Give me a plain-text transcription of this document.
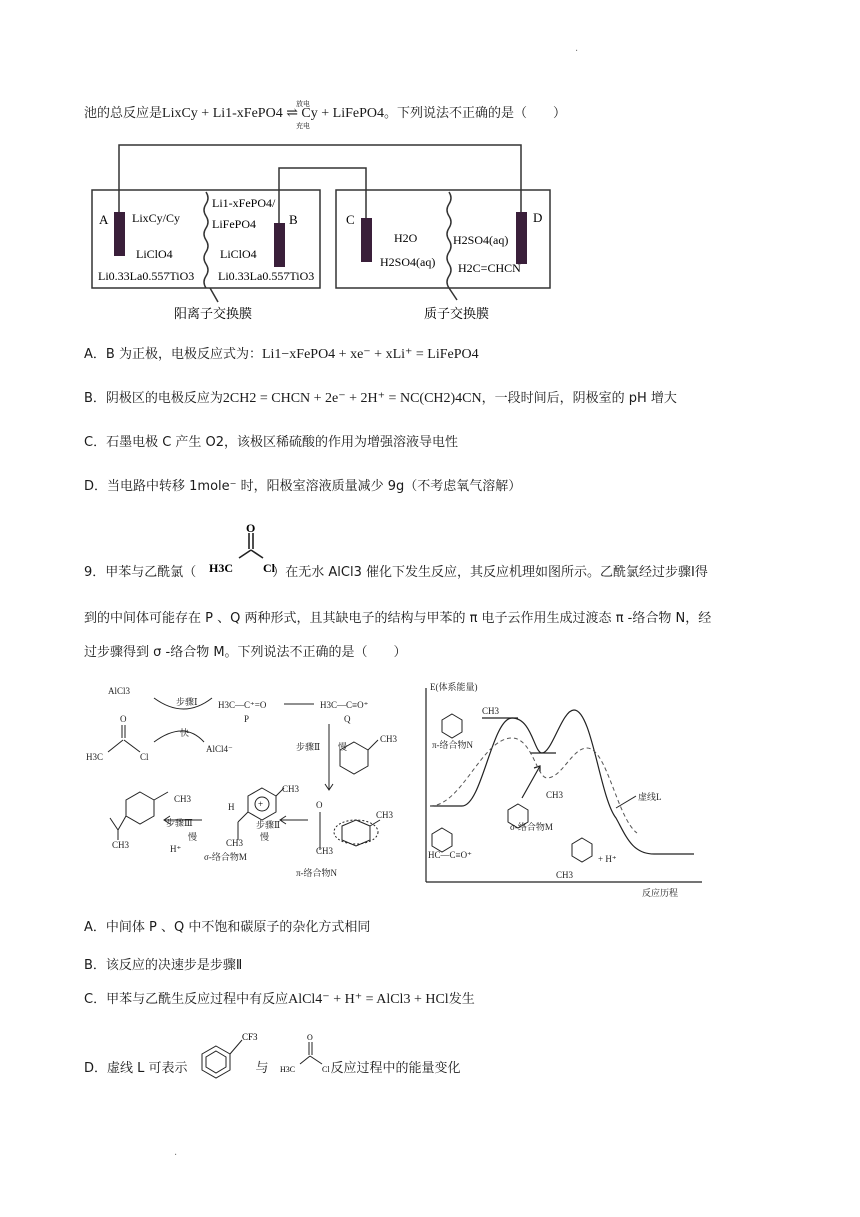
·
池的总反应是LixCy + Li1-xFePO4 ⇌ Cy + LiFePO4。下列说法不正确的是（　　）
放电
充电
A	B	C	D
LixCy/Cy
LiClO4
Li0.33La0.557TiO3
Li1-xFePO4/
LiFePO4
LiClO4
Li0.33La0.557TiO3
H2O
H2SO4(aq)
H2SO4(aq)
H2C=CHCN
阳离子交换膜	质子交换膜
A．B 为正极，电极反应式为：Li1−xFePO4 + xe⁻ + xLi⁺ = LiFePO4
B．阴极区的电极反应为2CH2 = CHCN + 2e⁻ + 2H⁺ = NC(CH2)4CN，一段时间后，阴极室的 pH 增大
C．石墨电极 C 产生 O2，该极区稀硫酸的作用为增强溶液导电性
D．当电路中转移 1mole⁻ 时，阳极室溶液质量减少 9g（不考虑氧气溶解）
9．甲苯与乙酰氯（	）在无水 AlCl3 催化下发生反应，其反应机理如图所示。乙酰氯经过步骤Ⅰ得
O
H3C	Cl
到的中间体可能存在 P 、Q 两种形式，且其缺电子的结构与甲苯的 π 电子云作用生成过渡态 π -络合物 N，经
过步骤得到 σ -络合物 M。下列说法不正确的是（　　）
AlCl3
O
H3C	Cl
步骤Ⅰ
快
AlCl4⁻
H3C—C⁺=O
P
H3C—C≡O⁺
Q
步骤Ⅱ 慢
CH3
CH3
CH3
步骤Ⅲ
慢
H⁺
CH3
H
CH3
σ-络合物M
步骤Ⅱ
慢
O
CH3
CH3
π-络合物N
+
E(体系能量)
π-络合物N
σ-络合物M
虚线L
HC—C≡O⁺	+ H⁺
反应历程
CH3
CH3
CH3
A．中间体 P 、Q 中不饱和碳原子的杂化方式相同
B．该反应的决速步是步骤Ⅱ
C．甲苯与乙酰生反应过程中有反应AlCl4⁻ + H⁺ = AlCl3 + HCl发生
D．虚线 L 可表示	与	反应过程中的能量变化
CF3	O
H3C	Cl
·
